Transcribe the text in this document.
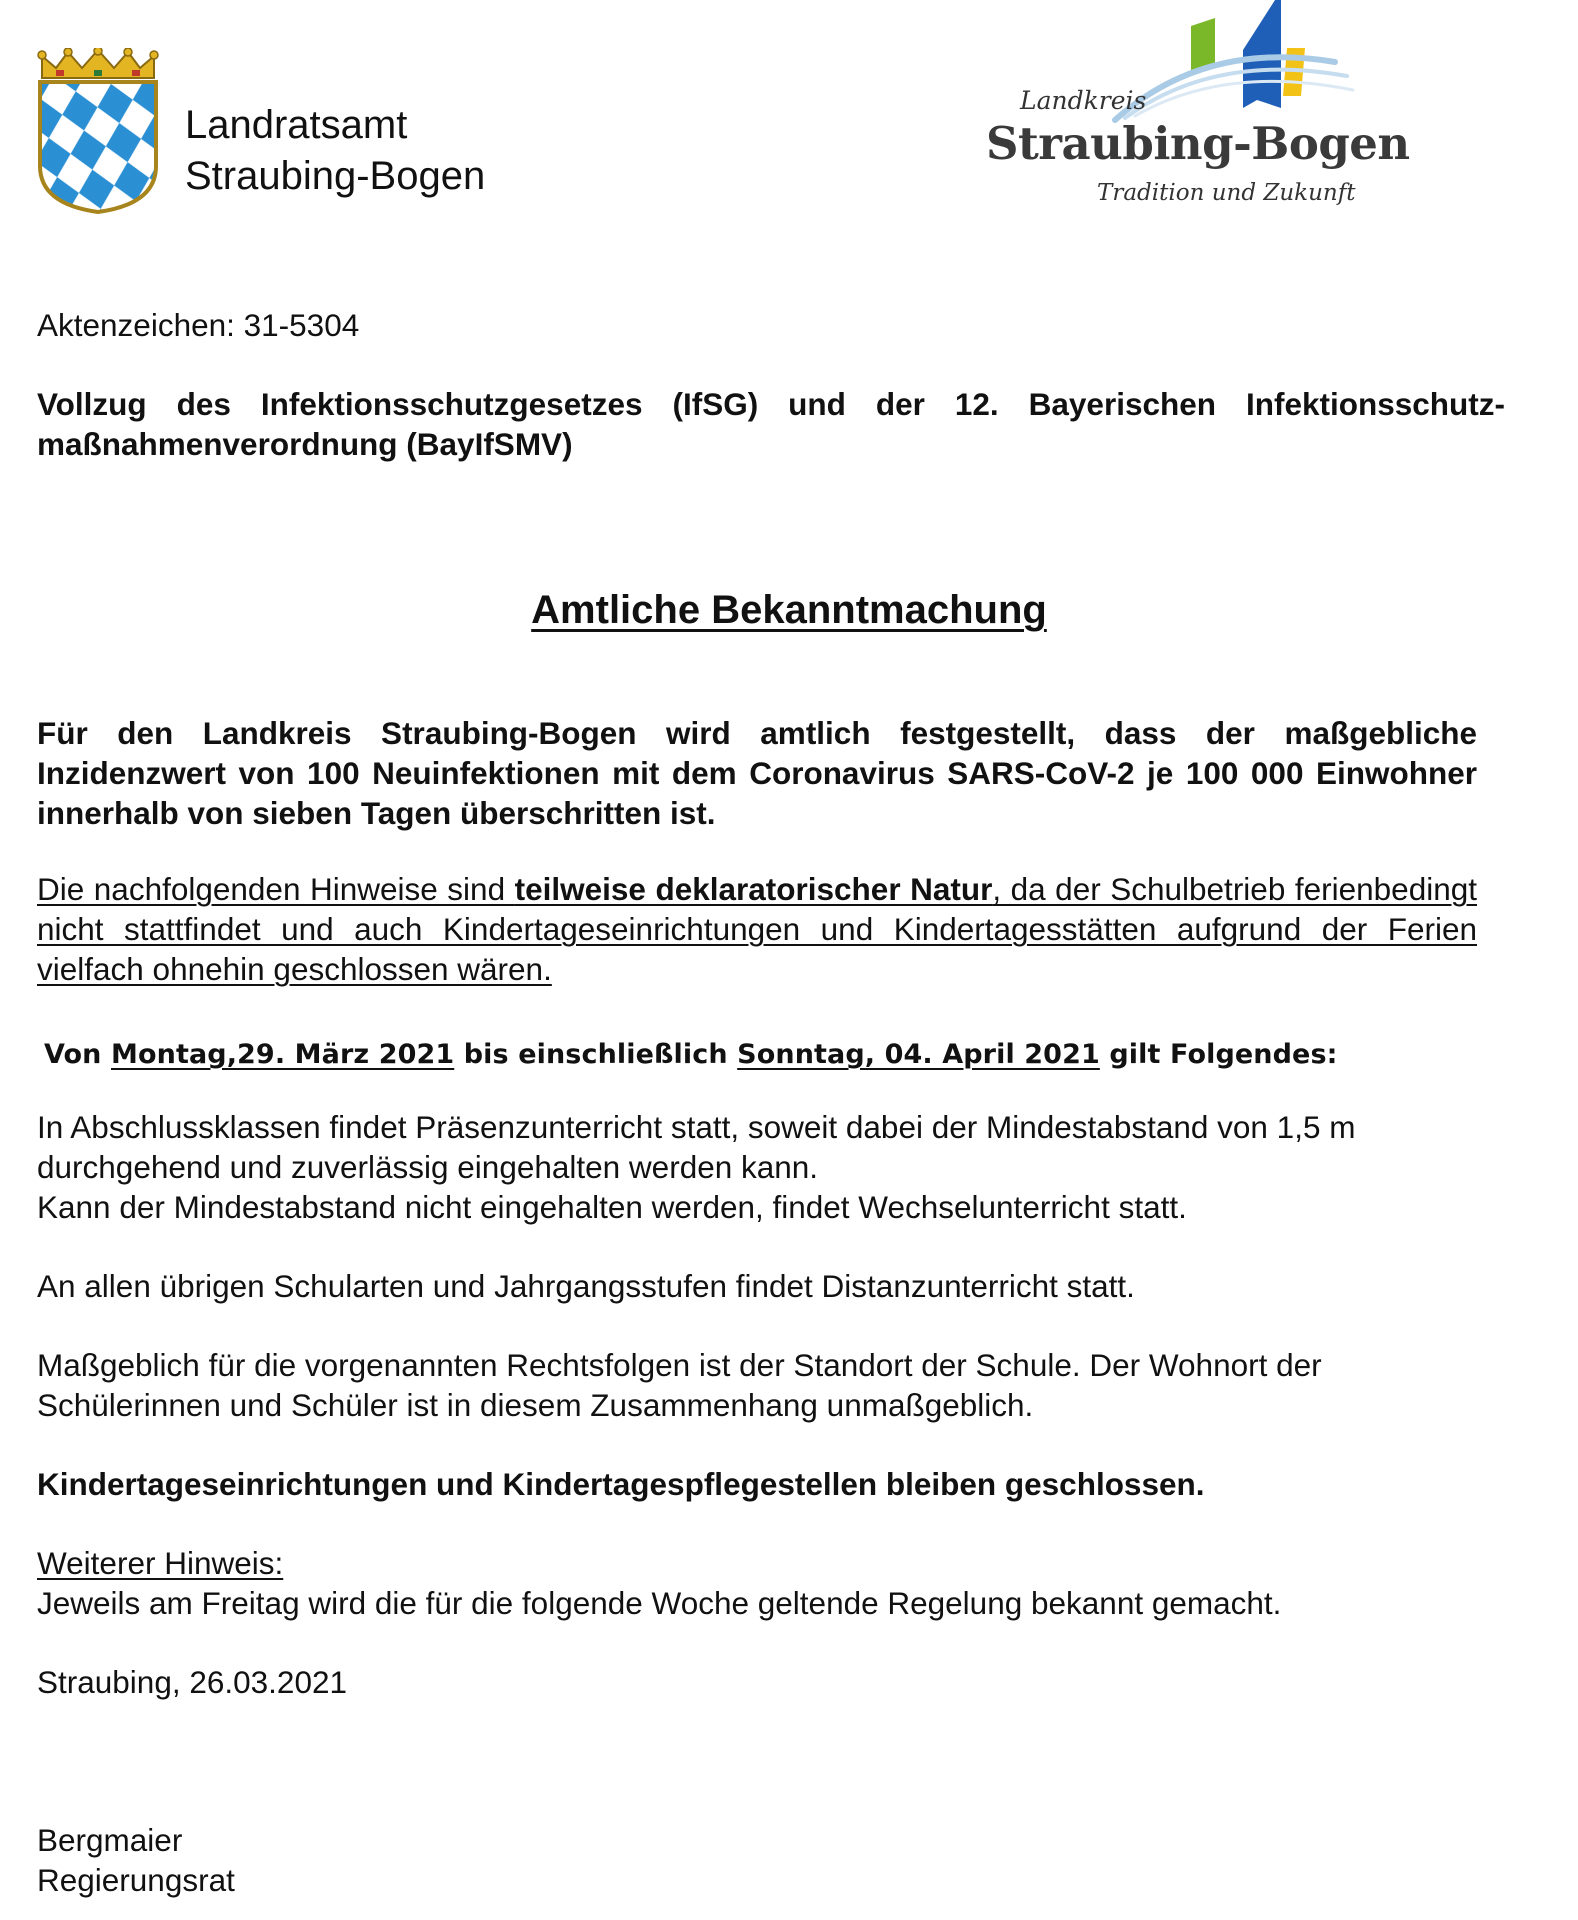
Landratsamt
Straubing-Bogen
Landkreis
Straubing-Bogen
Tradition und Zukunft
Aktenzeichen: 31-5304
Vollzug des Infektionsschutzgesetzes (IfSG) und der 12. Bayerischen Infektionsschutz-
maßnahmenverordnung (BayIfSMV)
Amtliche Bekanntmachung
Für den Landkreis Straubing-Bogen wird amtlich festgestellt, dass der maßgebliche Inzidenzwert von 100 Neuinfektionen mit dem Coronavirus SARS-CoV-2 je 100 000 Einwohner innerhalb von sieben Tagen überschritten ist.
Die nachfolgenden Hinweise sind teilweise deklaratorischer Natur, da der Schulbetrieb ferienbedingt nicht stattfindet und auch Kindertageseinrichtungen und Kindertagesstätten aufgrund der Ferien vielfach ohnehin geschlossen wären.
Von Montag,29. März 2021 bis einschließlich Sonntag, 04. April 2021 gilt Folgendes:
In Abschlussklassen findet Präsenzunterricht statt, soweit dabei der Mindestabstand von 1,5 m durchgehend und zuverlässig eingehalten werden kann.
Kann der Mindestabstand nicht eingehalten werden, findet Wechselunterricht statt.
An allen übrigen Schularten und Jahrgangsstufen findet Distanzunterricht statt.
Maßgeblich für die vorgenannten Rechtsfolgen ist der Standort der Schule. Der Wohnort der Schülerinnen und Schüler ist in diesem Zusammenhang unmaßgeblich.
Kindertageseinrichtungen und Kindertagespflegestellen bleiben geschlossen.
Weiterer Hinweis:
Jeweils am Freitag wird die für die folgende Woche geltende Regelung bekannt gemacht.
Straubing, 26.03.2021
Bergmaier
Regierungsrat
